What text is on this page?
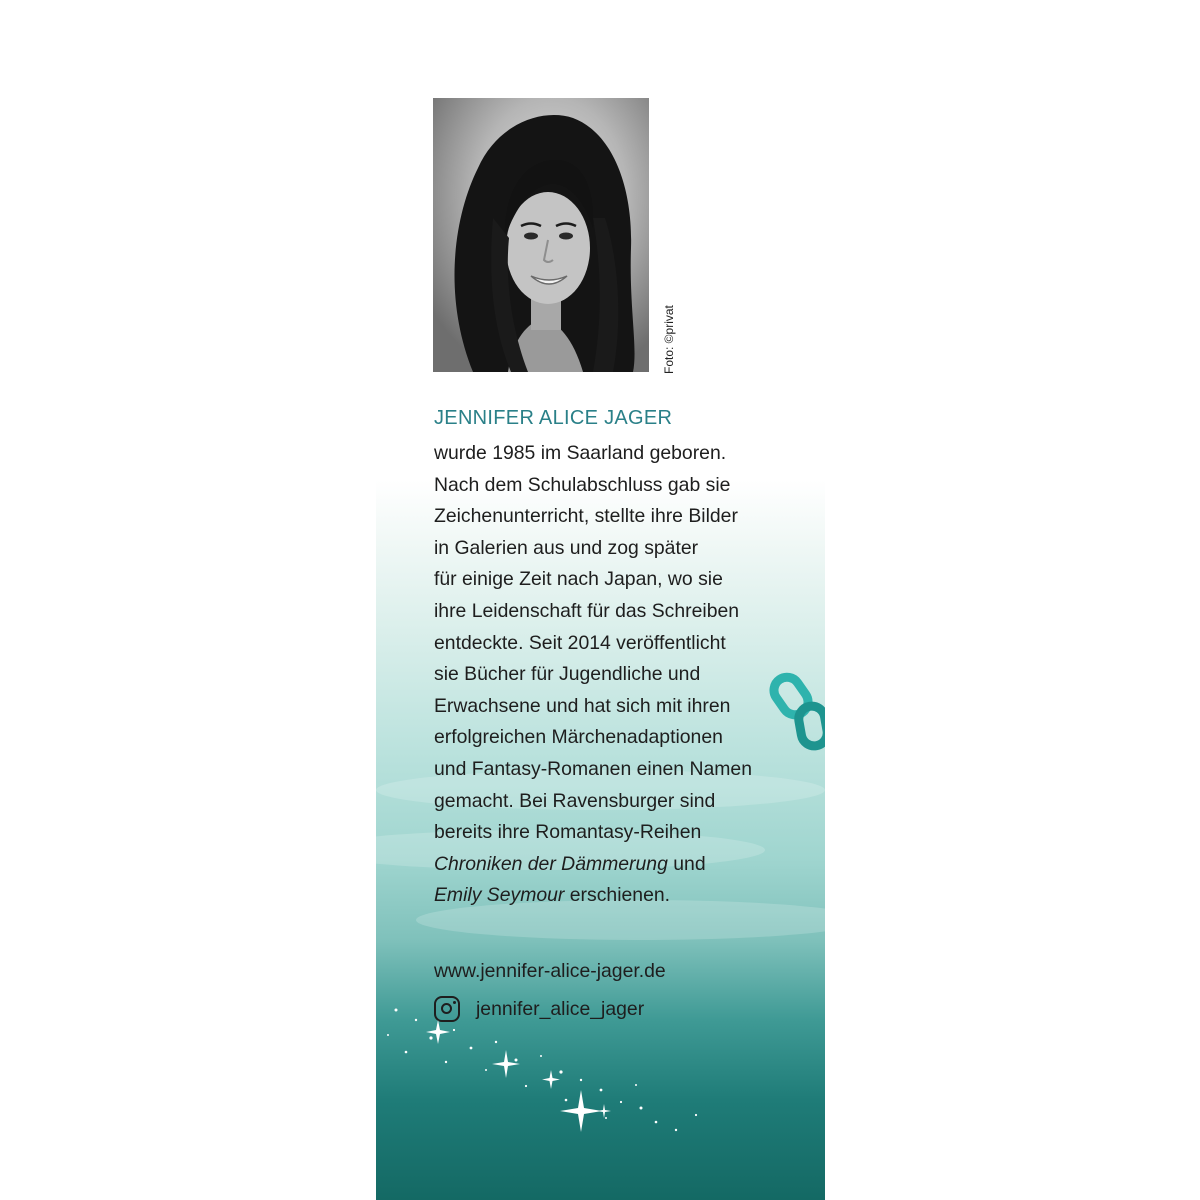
Foto: ©privat
JENNIFER ALICE JAGER
wurde 1985 im Saarland geboren.
Nach dem Schulabschluss gab sie
Zeichenunterricht, stellte ihre Bilder
in Galerien aus und zog später
für einige Zeit nach Japan, wo sie
ihre Leidenschaft für das Schreiben
entdeckte. Seit 2014 veröffentlicht
sie Bücher für Jugendliche und
Erwachsene und hat sich mit ihren
erfolgreichen Märchenadaptionen
und Fantasy-Romanen einen Namen
gemacht. Bei Ravensburger sind
bereits ihre Romantasy-Reihen
Chroniken der Dämmerung und
Emily Seymour erschienen.
www.jennifer-alice-jager.de
jennifer_alice_jager
